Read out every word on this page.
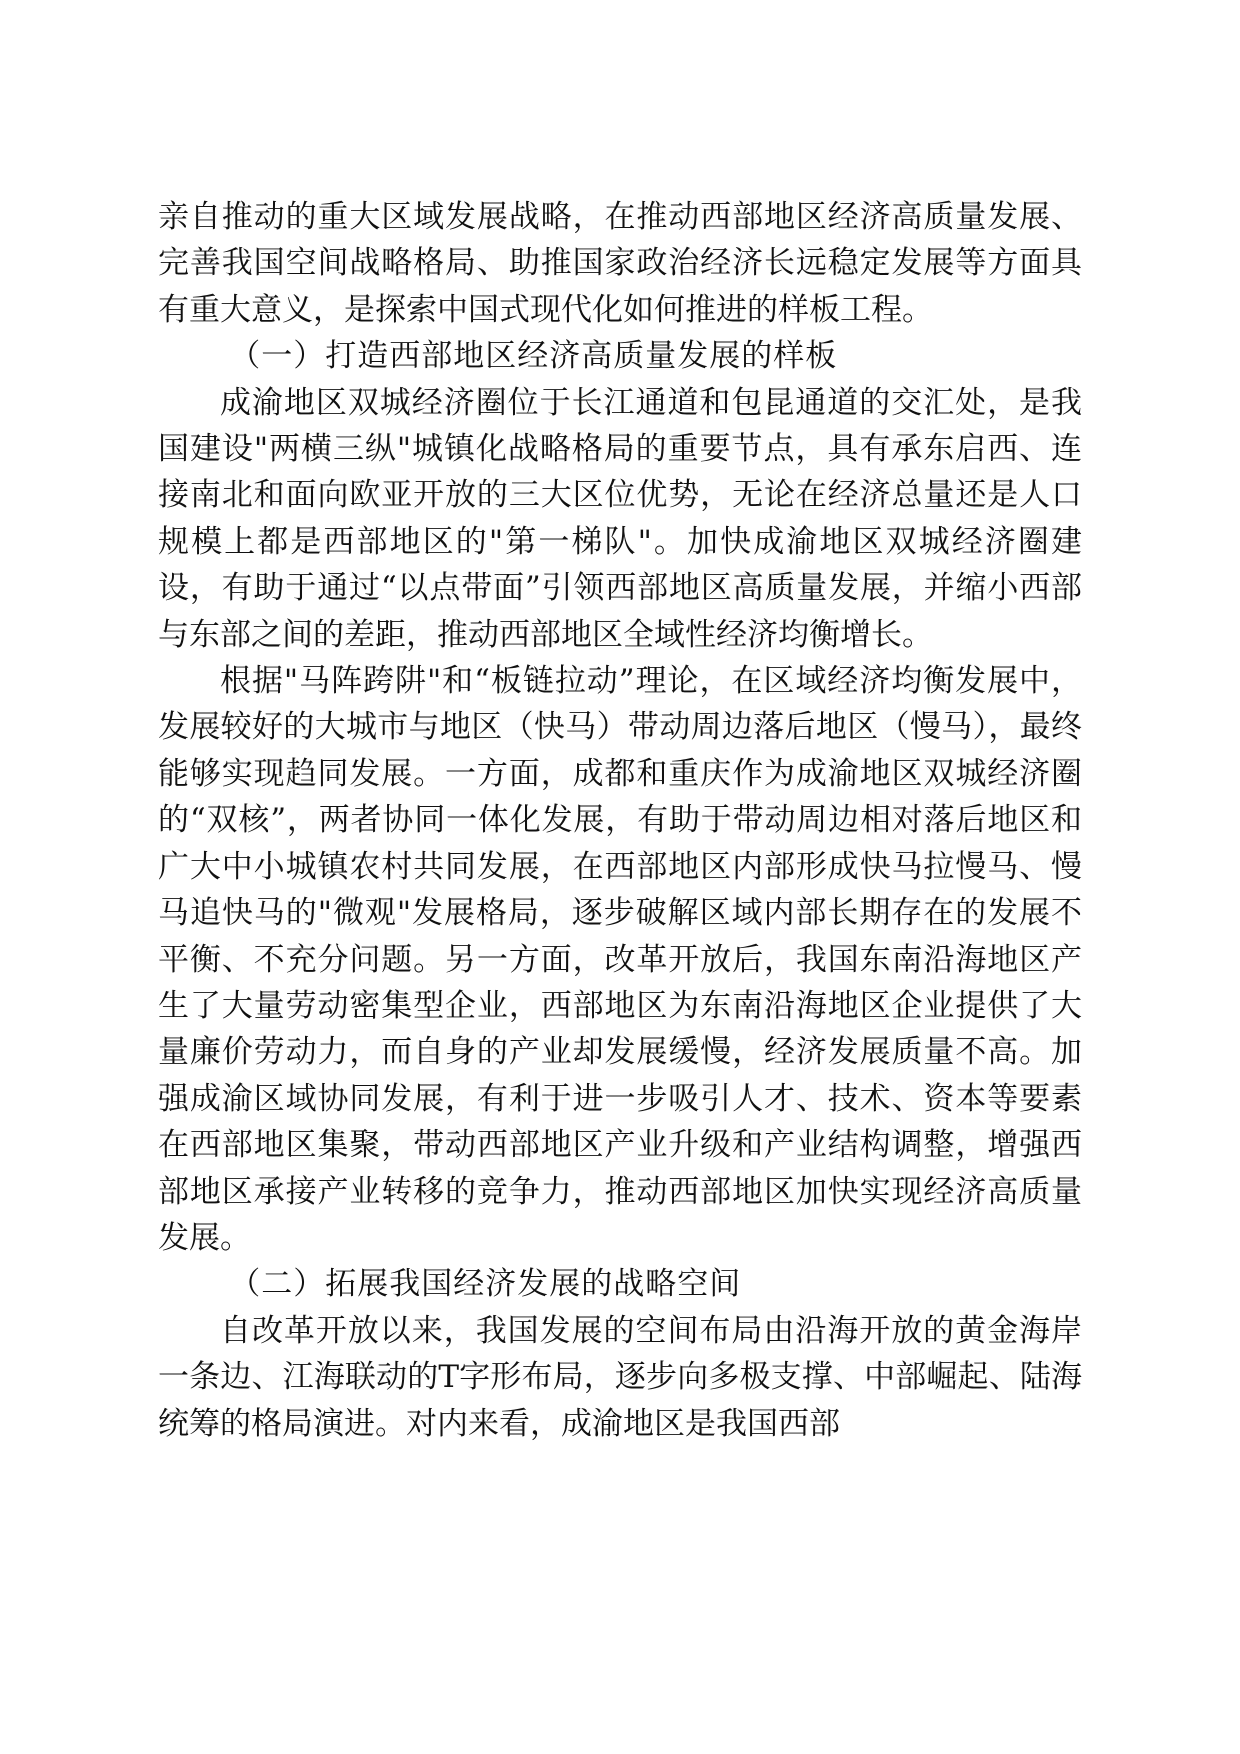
亲自推动的重大区域发展战略，在推动西部地区经济高质量发展、完善我国空间战略格局、助推国家政治经济长远稳定发展等方面具有重大意义，是探索中国式现代化如何推进的样板工程。

（一）打造西部地区经济高质量发展的样板

成渝地区双城经济圈位于长江通道和包昆通道的交汇处，是我国建设"两横三纵"城镇化战略格局的重要节点，具有承东启西、连接南北和面向欧亚开放的三大区位优势，无论在经济总量还是人口规模上都是西部地区的"第一梯队"。加快成渝地区双城经济圈建设，有助于通过“以点带面”引领西部地区高质量发展，并缩小西部与东部之间的差距，推动西部地区全域性经济均衡增长。

根据"马阵跨阱"和“板链拉动”理论，在区域经济均衡发展中，发展较好的大城市与地区（快马）带动周边落后地区（慢马），最终能够实现趋同发展。一方面，成都和重庆作为成渝地区双城经济圈的“双核”，两者协同一体化发展，有助于带动周边相对落后地区和广大中小城镇农村共同发展，在西部地区内部形成快马拉慢马、慢马追快马的"微观"发展格局，逐步破解区域内部长期存在的发展不平衡、不充分问题。另一方面，改革开放后，我国东南沿海地区产生了大量劳动密集型企业，西部地区为东南沿海地区企业提供了大量廉价劳动力，而自身的产业却发展缓慢，经济发展质量不高。加强成渝区域协同发展，有利于进一步吸引人才、技术、资本等要素在西部地区集聚，带动西部地区产业升级和产业结构调整，增强西部地区承接产业转移的竞争力，推动西部地区加快实现经济高质量发展。

（二）拓展我国经济发展的战略空间

自改革开放以来，我国发展的空间布局由沿海开放的黄金海岸一条边、江海联动的T字形布局，逐步向多极支撑、中部崛起、陆海统筹的格局演进。对内来看，成渝地区是我国西部
